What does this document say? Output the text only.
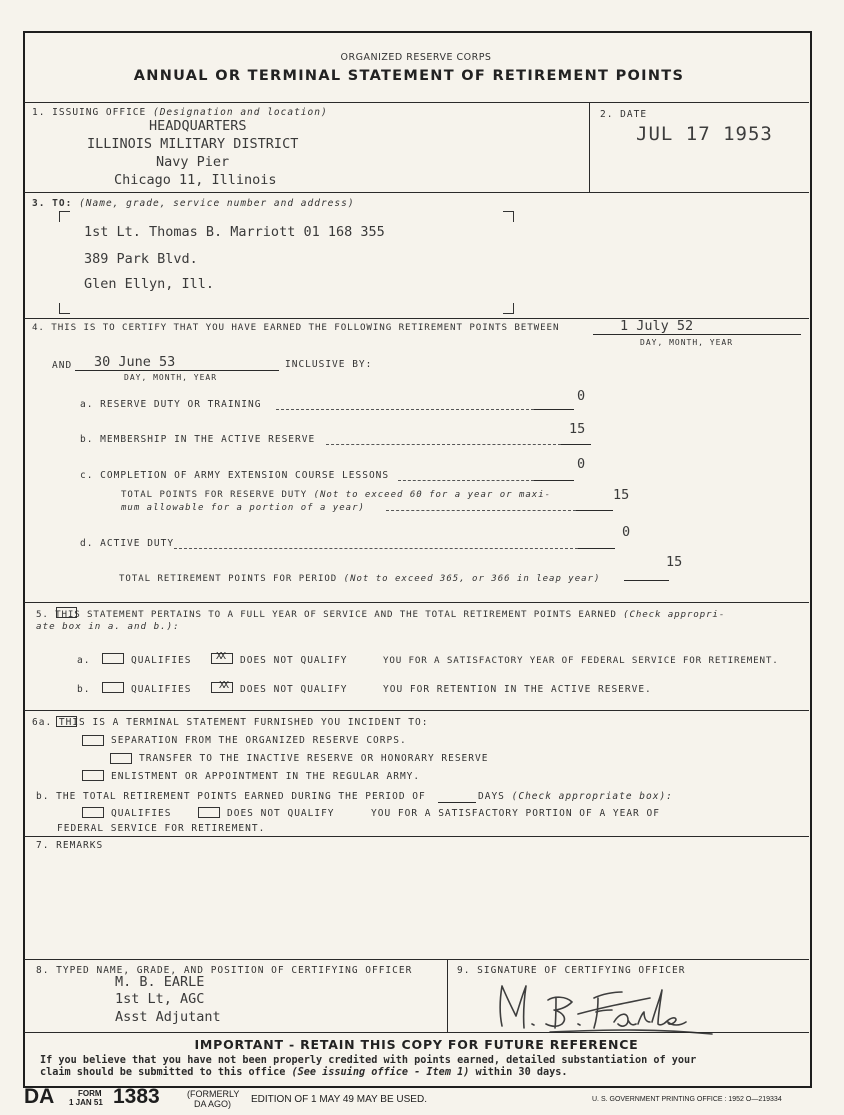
ORGANIZED RESERVE CORPS
ANNUAL OR TERMINAL STATEMENT OF RETIREMENT POINTS
1. ISSUING OFFICE (Designation and location)
HEADQUARTERS
ILLINOIS MILITARY DISTRICT
Navy Pier
Chicago 11, Illinois
2. DATE
JUL 17 1953
3. TO: (Name, grade, service number and address)
1st Lt. Thomas B. Marriott 01 168 355
389 Park Blvd.
Glen Ellyn, Ill.
4. THIS IS TO CERTIFY THAT YOU HAVE EARNED THE FOLLOWING RETIREMENT POINTS BETWEEN	1 July 52
DAY, MONTH, YEAR
AND 30 June 53
DAY, MONTH, YEAR
INCLUSIVE BY:
a. RESERVE DUTY OR TRAINING
0
b. MEMBERSHIP IN THE ACTIVE RESERVE
15
c. COMPLETION OF ARMY EXTENSION COURSE LESSONS
0
TOTAL POINTS FOR RESERVE DUTY (Not to exceed 60 for a year or maxi-
mum allowable for a portion of a year)
15
d. ACTIVE DUTY
0
TOTAL RETIREMENT POINTS FOR PERIOD (Not to exceed 365, or 366 in leap year)
15
5. THIS STATEMENT PERTAINS TO A FULL YEAR OF SERVICE AND THE TOTAL RETIREMENT POINTS EARNED (Check appropri-
ate box in a. and b.):
a.	QUALIFIES XX DOES NOT QUALIFY	YOU FOR A SATISFACTORY YEAR OF FEDERAL SERVICE FOR RETIREMENT.
b.	QUALIFIES	XX DOES NOT QUALIFY	YOU FOR RETENTION IN THE ACTIVE RESERVE.
6a. THIS IS A TERMINAL STATEMENT FURNISHED YOU INCIDENT TO:
SEPARATION FROM THE ORGANIZED RESERVE CORPS.
TRANSFER TO THE INACTIVE RESERVE OR HONORARY RESERVE
ENLISTMENT OR APPOINTMENT IN THE REGULAR ARMY.
b. THE TOTAL RETIREMENT POINTS EARNED DURING THE PERIOD OF	DAYS (Check appropriate box):
QUALIFIES	DOES NOT QUALIFY	YOU FOR A SATISFACTORY PORTION OF A YEAR OF
FEDERAL SERVICE FOR RETIREMENT.
7. REMARKS
8. TYPED NAME, GRADE, AND POSITION OF CERTIFYING OFFICER
M. B. EARLE
1st Lt, AGC
Asst Adjutant
9. SIGNATURE OF CERTIFYING OFFICER
IMPORTANT - RETAIN THIS COPY FOR FUTURE REFERENCE
If you believe that you have not been properly credited with points earned, detailed substantiation of your
claim should be submitted to this office (See issuing office - Item 1) within 30 days.
DA	FORM
1 JAN 51 1383	(FORMERLY
DA AGO) EDITION OF 1 MAY 49 MAY BE USED.	U. S. GOVERNMENT PRINTING OFFICE : 1952 O—219334
